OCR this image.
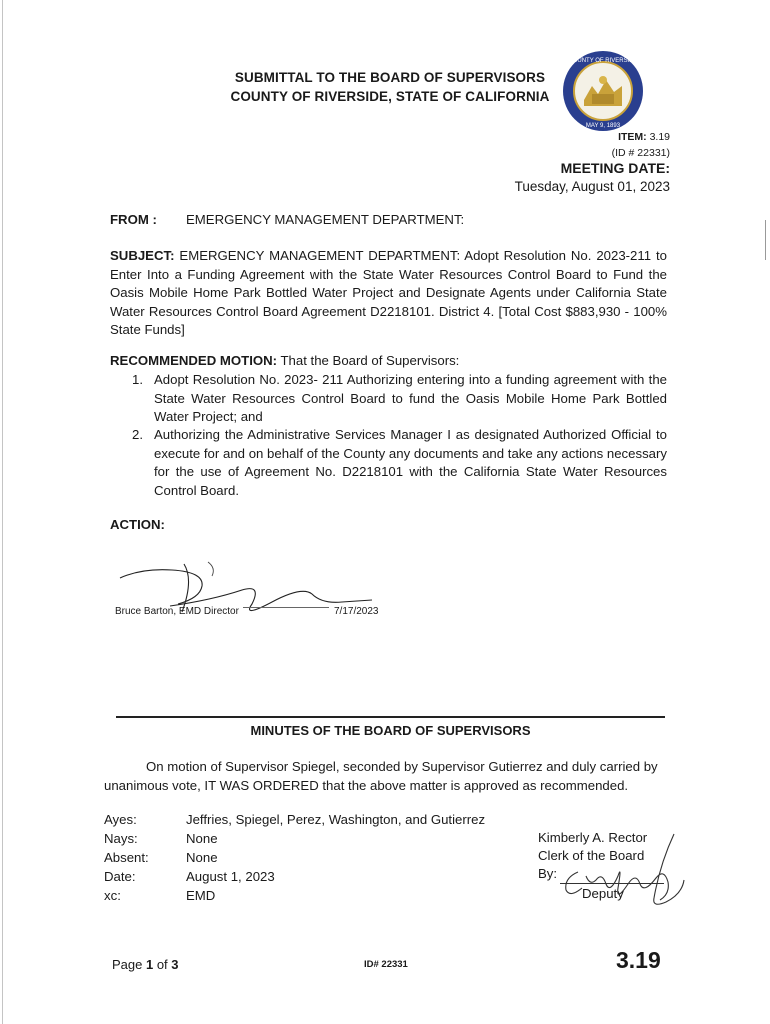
SUBMITTAL TO THE BOARD OF SUPERVISORS
COUNTY OF RIVERSIDE, STATE OF CALIFORNIA
COUNTY OF RIVERSIDE
MAY 9, 1893
ITEM: 3.19
(ID # 22331)
MEETING DATE:
Tuesday, August 01, 2023
FROM : EMERGENCY MANAGEMENT DEPARTMENT:
SUBJECT: EMERGENCY MANAGEMENT DEPARTMENT: Adopt Resolution No. 2023-211 to Enter Into a Funding Agreement with the State Water Resources Control Board to Fund the Oasis Mobile Home Park Bottled Water Project and Designate Agents under California State Water Resources Control Board Agreement D2218101. District 4. [Total Cost $883,930 - 100% State Funds]
RECOMMENDED MOTION: That the Board of Supervisors:
1. Adopt Resolution No. 2023- 211 Authorizing entering into a funding agreement with the State Water Resources Control Board to fund the Oasis Mobile Home Park Bottled Water Project; and
2. Authorizing the Administrative Services Manager I as designated Authorized Official to execute for and on behalf of the County any documents and take any actions necessary for the use of Agreement No. D2218101 with the California State Water Resources Control Board.
ACTION:
Bruce Barton, EMD Director	7/17/2023
MINUTES OF THE BOARD OF SUPERVISORS
On motion of Supervisor Spiegel, seconded by Supervisor Gutierrez and duly carried by unanimous vote, IT WAS ORDERED that the above matter is approved as recommended.
Ayes:	Jeffries, Spiegel, Perez, Washington, and Gutierrez
Nays:	None
Absent:	None
Date:	August 1, 2023
xc:	EMD
Kimberly A. Rector
Clerk of the Board
By:
Deputy
Page 1 of 3	ID# 22331	3.19
